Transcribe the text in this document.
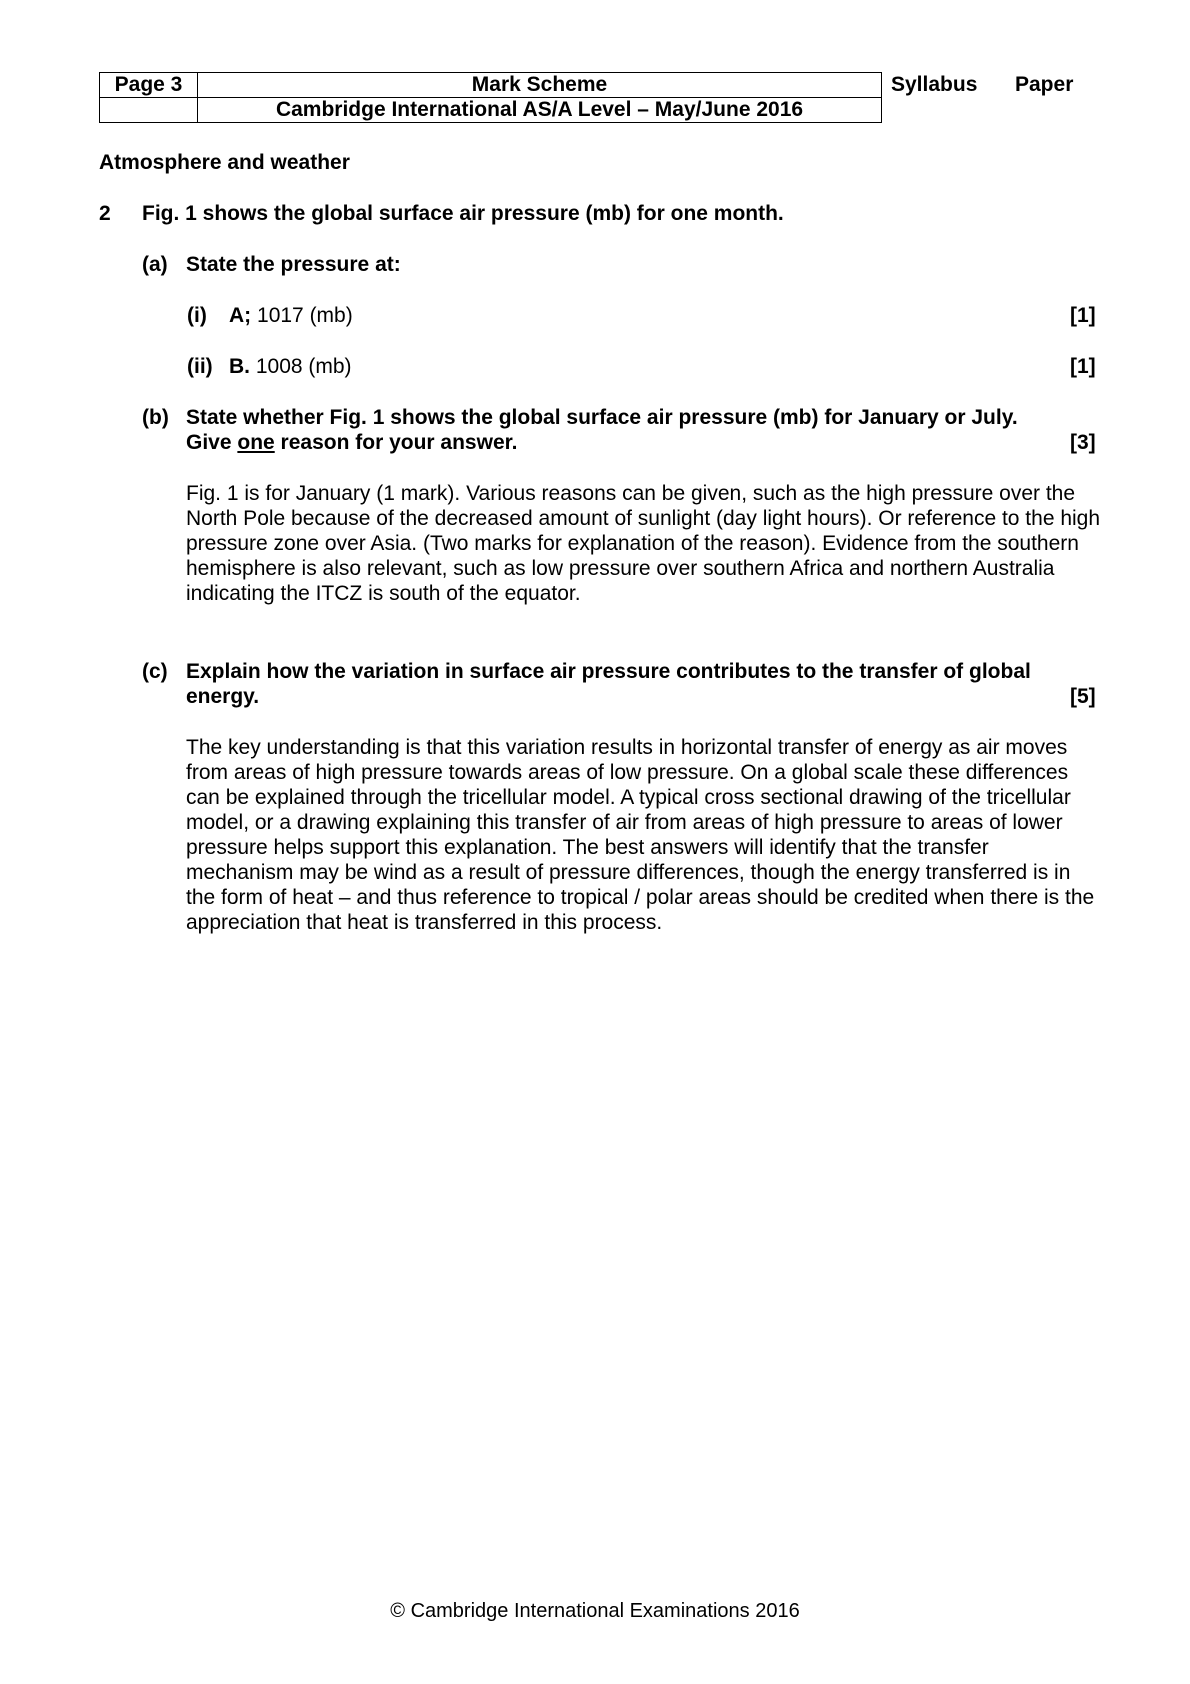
Page 3	Mark Scheme
	Cambridge International AS/A Level – May/June 2016
Syllabus Paper
Atmosphere and weather
2 Fig. 1 shows the global surface air pressure (mb) for one month.
(a) State the pressure at:
(i) A; 1017 (mb)	[1]
(ii) B. 1008 (mb)	[1]
(b) State whether Fig. 1 shows the global surface air pressure (mb) for January or July.
Give one reason for your answer.	[3]

Fig. 1 is for January (1 mark). Various reasons can be given, such as the high pressure over the North Pole because of the decreased amount of sunlight (day light hours). Or reference to the high pressure zone over Asia. (Two marks for explanation of the reason). Evidence from the southern hemisphere is also relevant, such as low pressure over southern Africa and northern Australia indicating the ITCZ is south of the equator.

(c) Explain how the variation in surface air pressure contributes to the transfer of global
energy.	[5]

The key understanding is that this variation results in horizontal transfer of energy as air moves from areas of high pressure towards areas of low pressure. On a global scale these differences can be explained through the tricellular model. A typical cross sectional drawing of the tricellular model, or a drawing explaining this transfer of air from areas of high pressure to areas of lower pressure helps support this explanation. The best answers will identify that the transfer mechanism may be wind as a result of pressure differences, though the energy transferred is in the form of heat – and thus reference to tropical / polar areas should be credited when there is the appreciation that heat is transferred in this process.

© Cambridge International Examinations 2016
